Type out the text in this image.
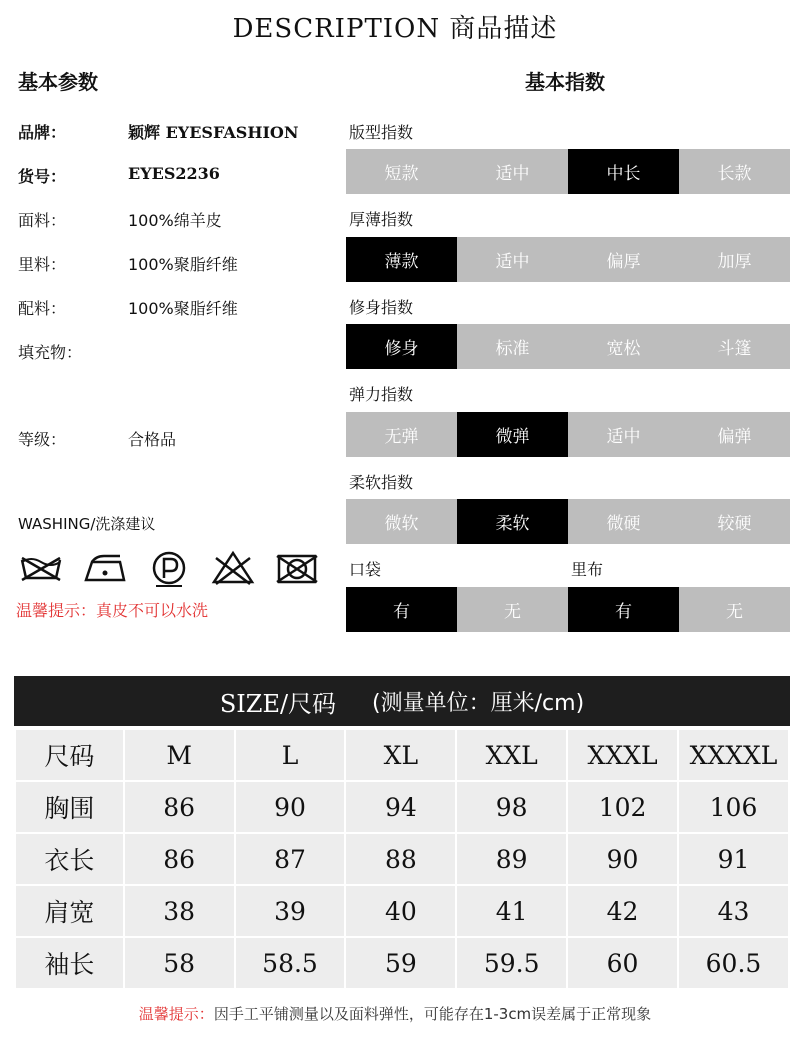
DESCRIPTION 商品描述
基本参数	基本指数
品牌：	颖辉 EYESFASHION
货号：	EYES2236
面料：	100%绵羊皮
里料：	100%聚脂纤维
配料：	100%聚脂纤维
填充物：
等级：	合格品
WASHING/洗涤建议
温馨提示：真皮不可以水洗
版型指数
短款	适中	中长	长款
厚薄指数
薄款	适中	偏厚	加厚
修身指数
修身	标准	宽松	斗篷
弹力指数
无弹	微弹	适中	偏弹
柔软指数
微软	柔软	微硬	较硬
口袋	里布
有	无	有	无
SIZE/尺码 (测量单位：厘米/cm)
尺码	M	L	XL	XXL	XXXL	XXXXL
胸围	86	90	94	98	102	106
衣长	86	87	88	89	90	91
肩宽	38	39	40	41	42	43
袖长	58	58.5	59	59.5	60	60.5
温馨提示：因手工平铺测量以及面料弹性，可能存在1-3cm误差属于正常现象
